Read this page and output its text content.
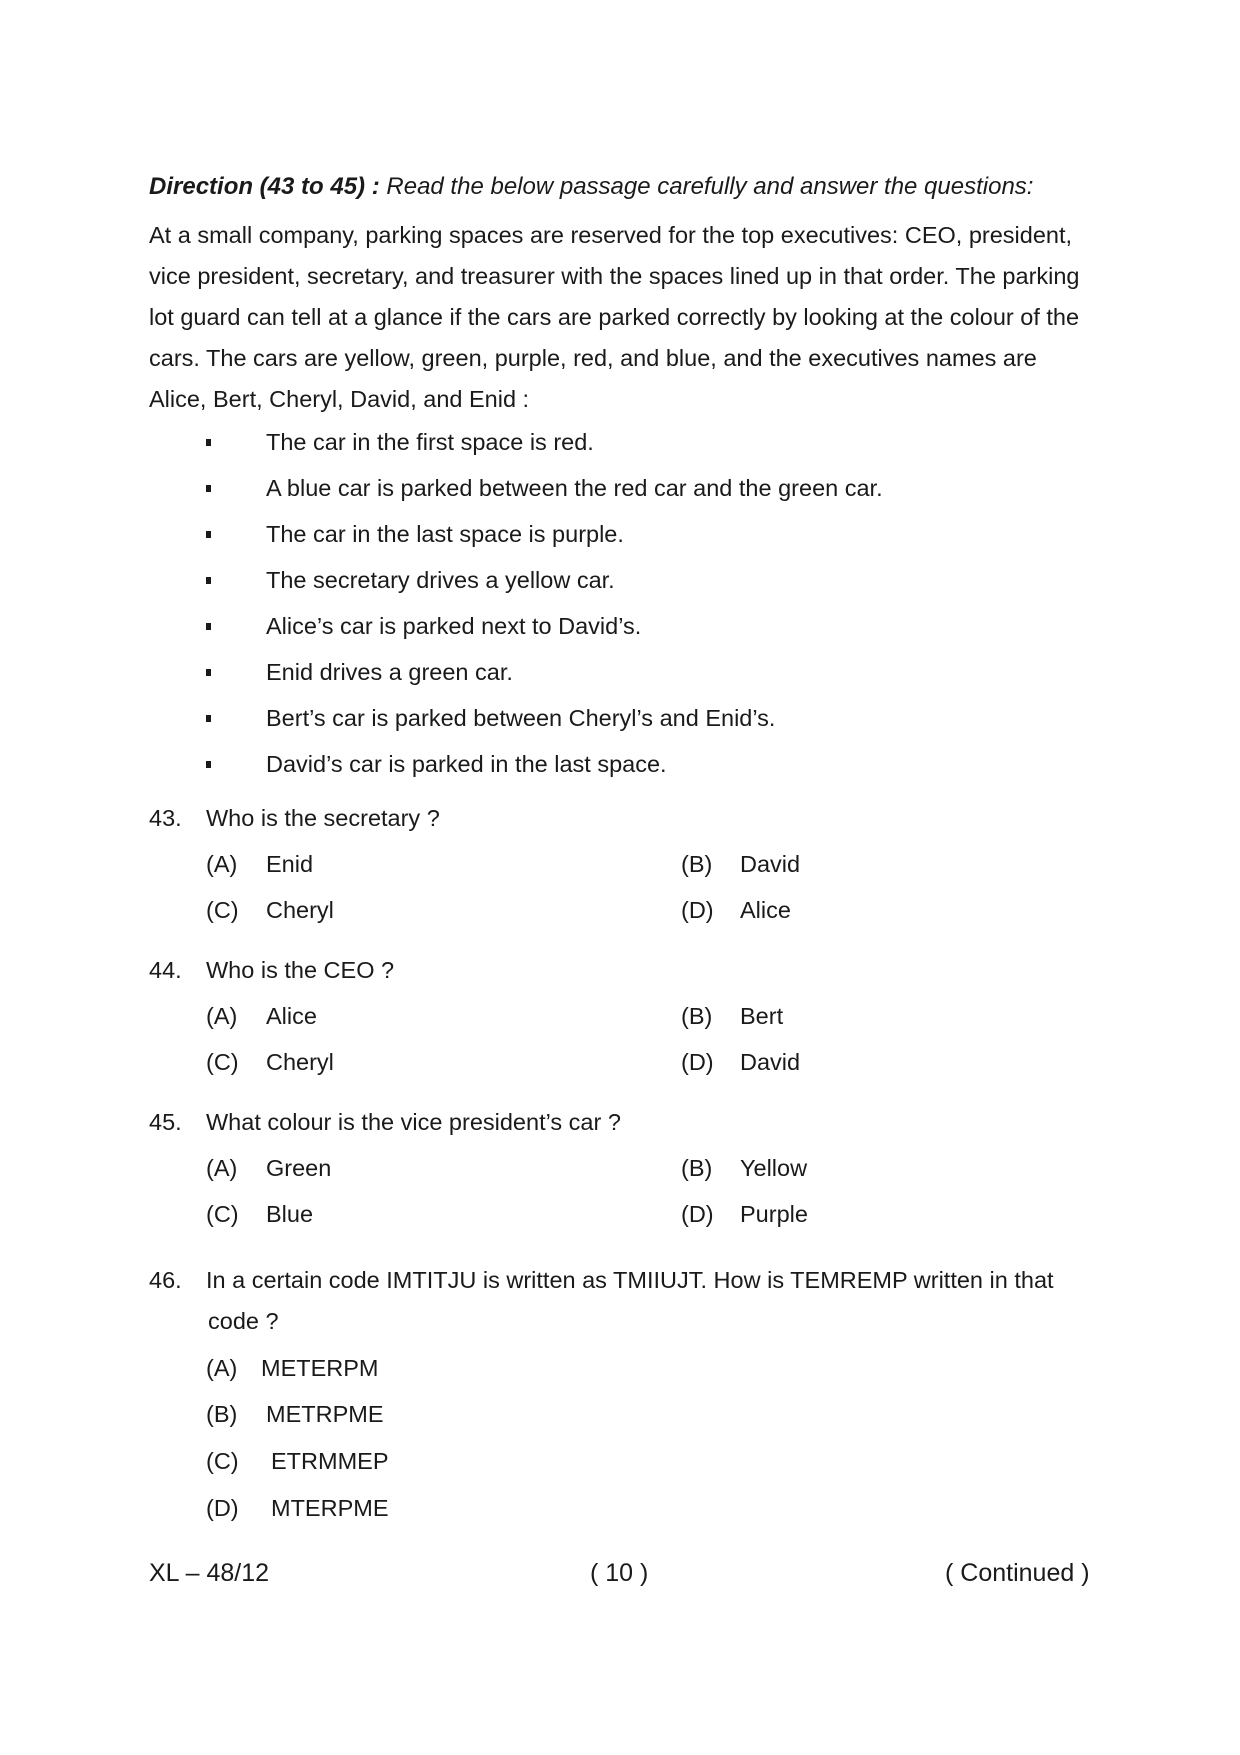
Direction (43 to 45) : Read the below passage carefully and answer the questions:
At a small company, parking spaces are reserved for the top executives: CEO, president,
vice president, secretary, and treasurer with the spaces lined up in that order. The parking
lot guard can tell at a glance if the cars are parked correctly by looking at the colour of the
cars. The cars are yellow, green, purple, red, and blue, and the executives names are
Alice, Bert, Cheryl, David, and Enid :
The car in the first space is red.
A blue car is parked between the red car and the green car.
The car in the last space is purple.
The secretary drives a yellow car.
Alice’s car is parked next to David’s.
Enid drives a green car.
Bert’s car is parked between Cheryl’s and Enid’s.
David’s car is parked in the last space.
43. Who is the secretary ?
(A) Enid	(B) David
(C) Cheryl	(D) Alice
44. Who is the CEO ?
(A) Alice	(B) Bert
(C) Cheryl	(D) David
45. What colour is the vice president’s car ?
(A) Green	(B) Yellow
(C) Blue	(D) Purple
46. In a certain code IMTITJU is written as TMIIUJT. How is TEMREMP written in that
code ?
(A) METERPM
(B) METRPME
(C) ETRMMEP
(D) MTERPME
XL – 48/12	( 10 )	( Continued )
